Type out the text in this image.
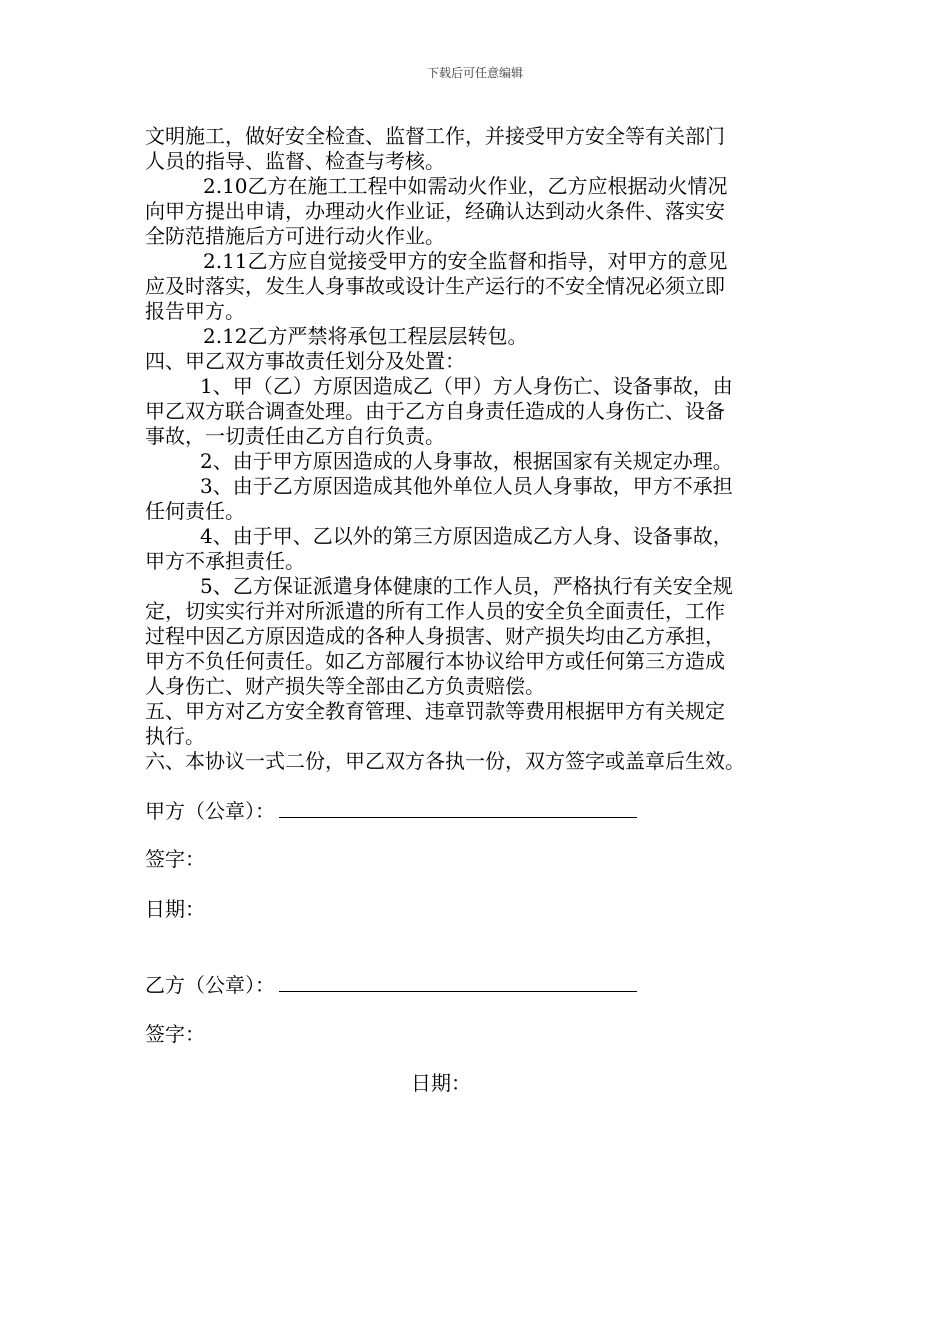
下载后可任意编辑
文明施工，做好安全检查、监督工作，并接受甲方安全等有关部门
人员的指导、监督、检查与考核。
2.10乙方在施工工程中如需动火作业，乙方应根据动火情况
向甲方提出申请，办理动火作业证，经确认达到动火条件、落实安
全防范措施后方可进行动火作业。
2.11乙方应自觉接受甲方的安全监督和指导，对甲方的意见
应及时落实，发生人身事故或设计生产运行的不安全情况必须立即
报告甲方。
2.12乙方严禁将承包工程层层转包。
四、甲乙双方事故责任划分及处置：
1、甲（乙）方原因造成乙（甲）方人身伤亡、设备事故，由
甲乙双方联合调查处理。由于乙方自身责任造成的人身伤亡、设备
事故，一切责任由乙方自行负责。
2、由于甲方原因造成的人身事故，根据国家有关规定办理。
3、由于乙方原因造成其他外单位人员人身事故，甲方不承担
任何责任。
4、由于甲、乙以外的第三方原因造成乙方人身、设备事故，
甲方不承担责任。
5、乙方保证派遣身体健康的工作人员，严格执行有关安全规
定，切实实行并对所派遣的所有工作人员的安全负全面责任，工作
过程中因乙方原因造成的各种人身损害、财产损失均由乙方承担，
甲方不负任何责任。如乙方部履行本协议给甲方或任何第三方造成
人身伤亡、财产损失等全部由乙方负责赔偿。
五、甲方对乙方安全教育管理、违章罚款等费用根据甲方有关规定
执行。
六、本协议一式二份，甲乙双方各执一份，双方签字或盖章后生效。
甲方（公章）：
签字：
日期：
乙方（公章）：
签字：
日期：
